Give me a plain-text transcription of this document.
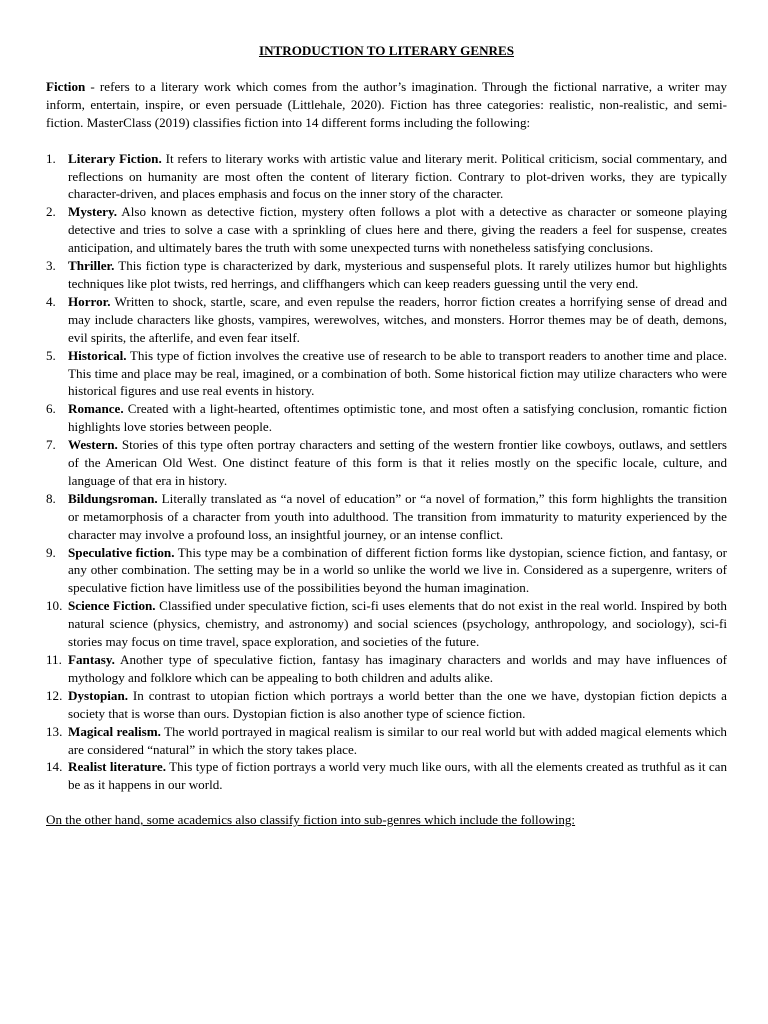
INTRODUCTION TO LITERARY GENRES

Fiction - refers to a literary work which comes from the author’s imagination. Through the fictional narrative, a writer may inform, entertain, inspire, or even persuade (Littlehale, 2020). Fiction has three categories: realistic, non-realistic, and semi-fiction. MasterClass (2019) classifies fiction into 14 different forms including the following:

1. Literary Fiction. It refers to literary works with artistic value and literary merit. Political criticism, social commentary, and reflections on humanity are most often the content of literary fiction. Contrary to plot-driven works, they are typically character-driven, and places emphasis and focus on the inner story of the character.
2. Mystery. Also known as detective fiction, mystery often follows a plot with a detective as character or someone playing detective and tries to solve a case with a sprinkling of clues here and there, giving the readers a feel for suspense, creates anticipation, and ultimately bares the truth with some unexpected turns with nonetheless satisfying conclusions.
3. Thriller. This fiction type is characterized by dark, mysterious and suspenseful plots. It rarely utilizes humor but highlights techniques like plot twists, red herrings, and cliffhangers which can keep readers guessing until the very end.
4. Horror. Written to shock, startle, scare, and even repulse the readers, horror fiction creates a horrifying sense of dread and may include characters like ghosts, vampires, werewolves, witches, and monsters. Horror themes may be of death, demons, evil spirits, the afterlife, and even fear itself.
5. Historical. This type of fiction involves the creative use of research to be able to transport readers to another time and place. This time and place may be real, imagined, or a combination of both. Some historical fiction may utilize characters who were historical figures and use real events in history.
6. Romance. Created with a light-hearted, oftentimes optimistic tone, and most often a satisfying conclusion, romantic fiction highlights love stories between people.
7. Western. Stories of this type often portray characters and setting of the western frontier like cowboys, outlaws, and settlers of the American Old West. One distinct feature of this form is that it relies mostly on the specific locale, culture, and language of that era in history.
8. Bildungsroman. Literally translated as “a novel of education” or “a novel of formation,” this form highlights the transition or metamorphosis of a character from youth into adulthood. The transition from immaturity to maturity experienced by the character may involve a profound loss, an insightful journey, or an intense conflict.
9. Speculative fiction. This type may be a combination of different fiction forms like dystopian, science fiction, and fantasy, or any other combination. The setting may be in a world so unlike the world we live in. Considered as a supergenre, writers of speculative fiction have limitless use of the possibilities beyond the human imagination.
10. Science Fiction. Classified under speculative fiction, sci-fi uses elements that do not exist in the real world. Inspired by both natural science (physics, chemistry, and astronomy) and social sciences (psychology, anthropology, and sociology), sci-fi stories may focus on time travel, space exploration, and societies of the future.
11. Fantasy. Another type of speculative fiction, fantasy has imaginary characters and worlds and may have influences of mythology and folklore which can be appealing to both children and adults alike.
12. Dystopian. In contrast to utopian fiction which portrays a world better than the one we have, dystopian fiction depicts a society that is worse than ours. Dystopian fiction is also another type of science fiction.
13. Magical realism. The world portrayed in magical realism is similar to our real world but with added magical elements which are considered “natural” in which the story takes place.
14. Realist literature. This type of fiction portrays a world very much like ours, with all the elements created as truthful as it can be as it happens in our world.

On the other hand, some academics also classify fiction into sub-genres which include the following:
